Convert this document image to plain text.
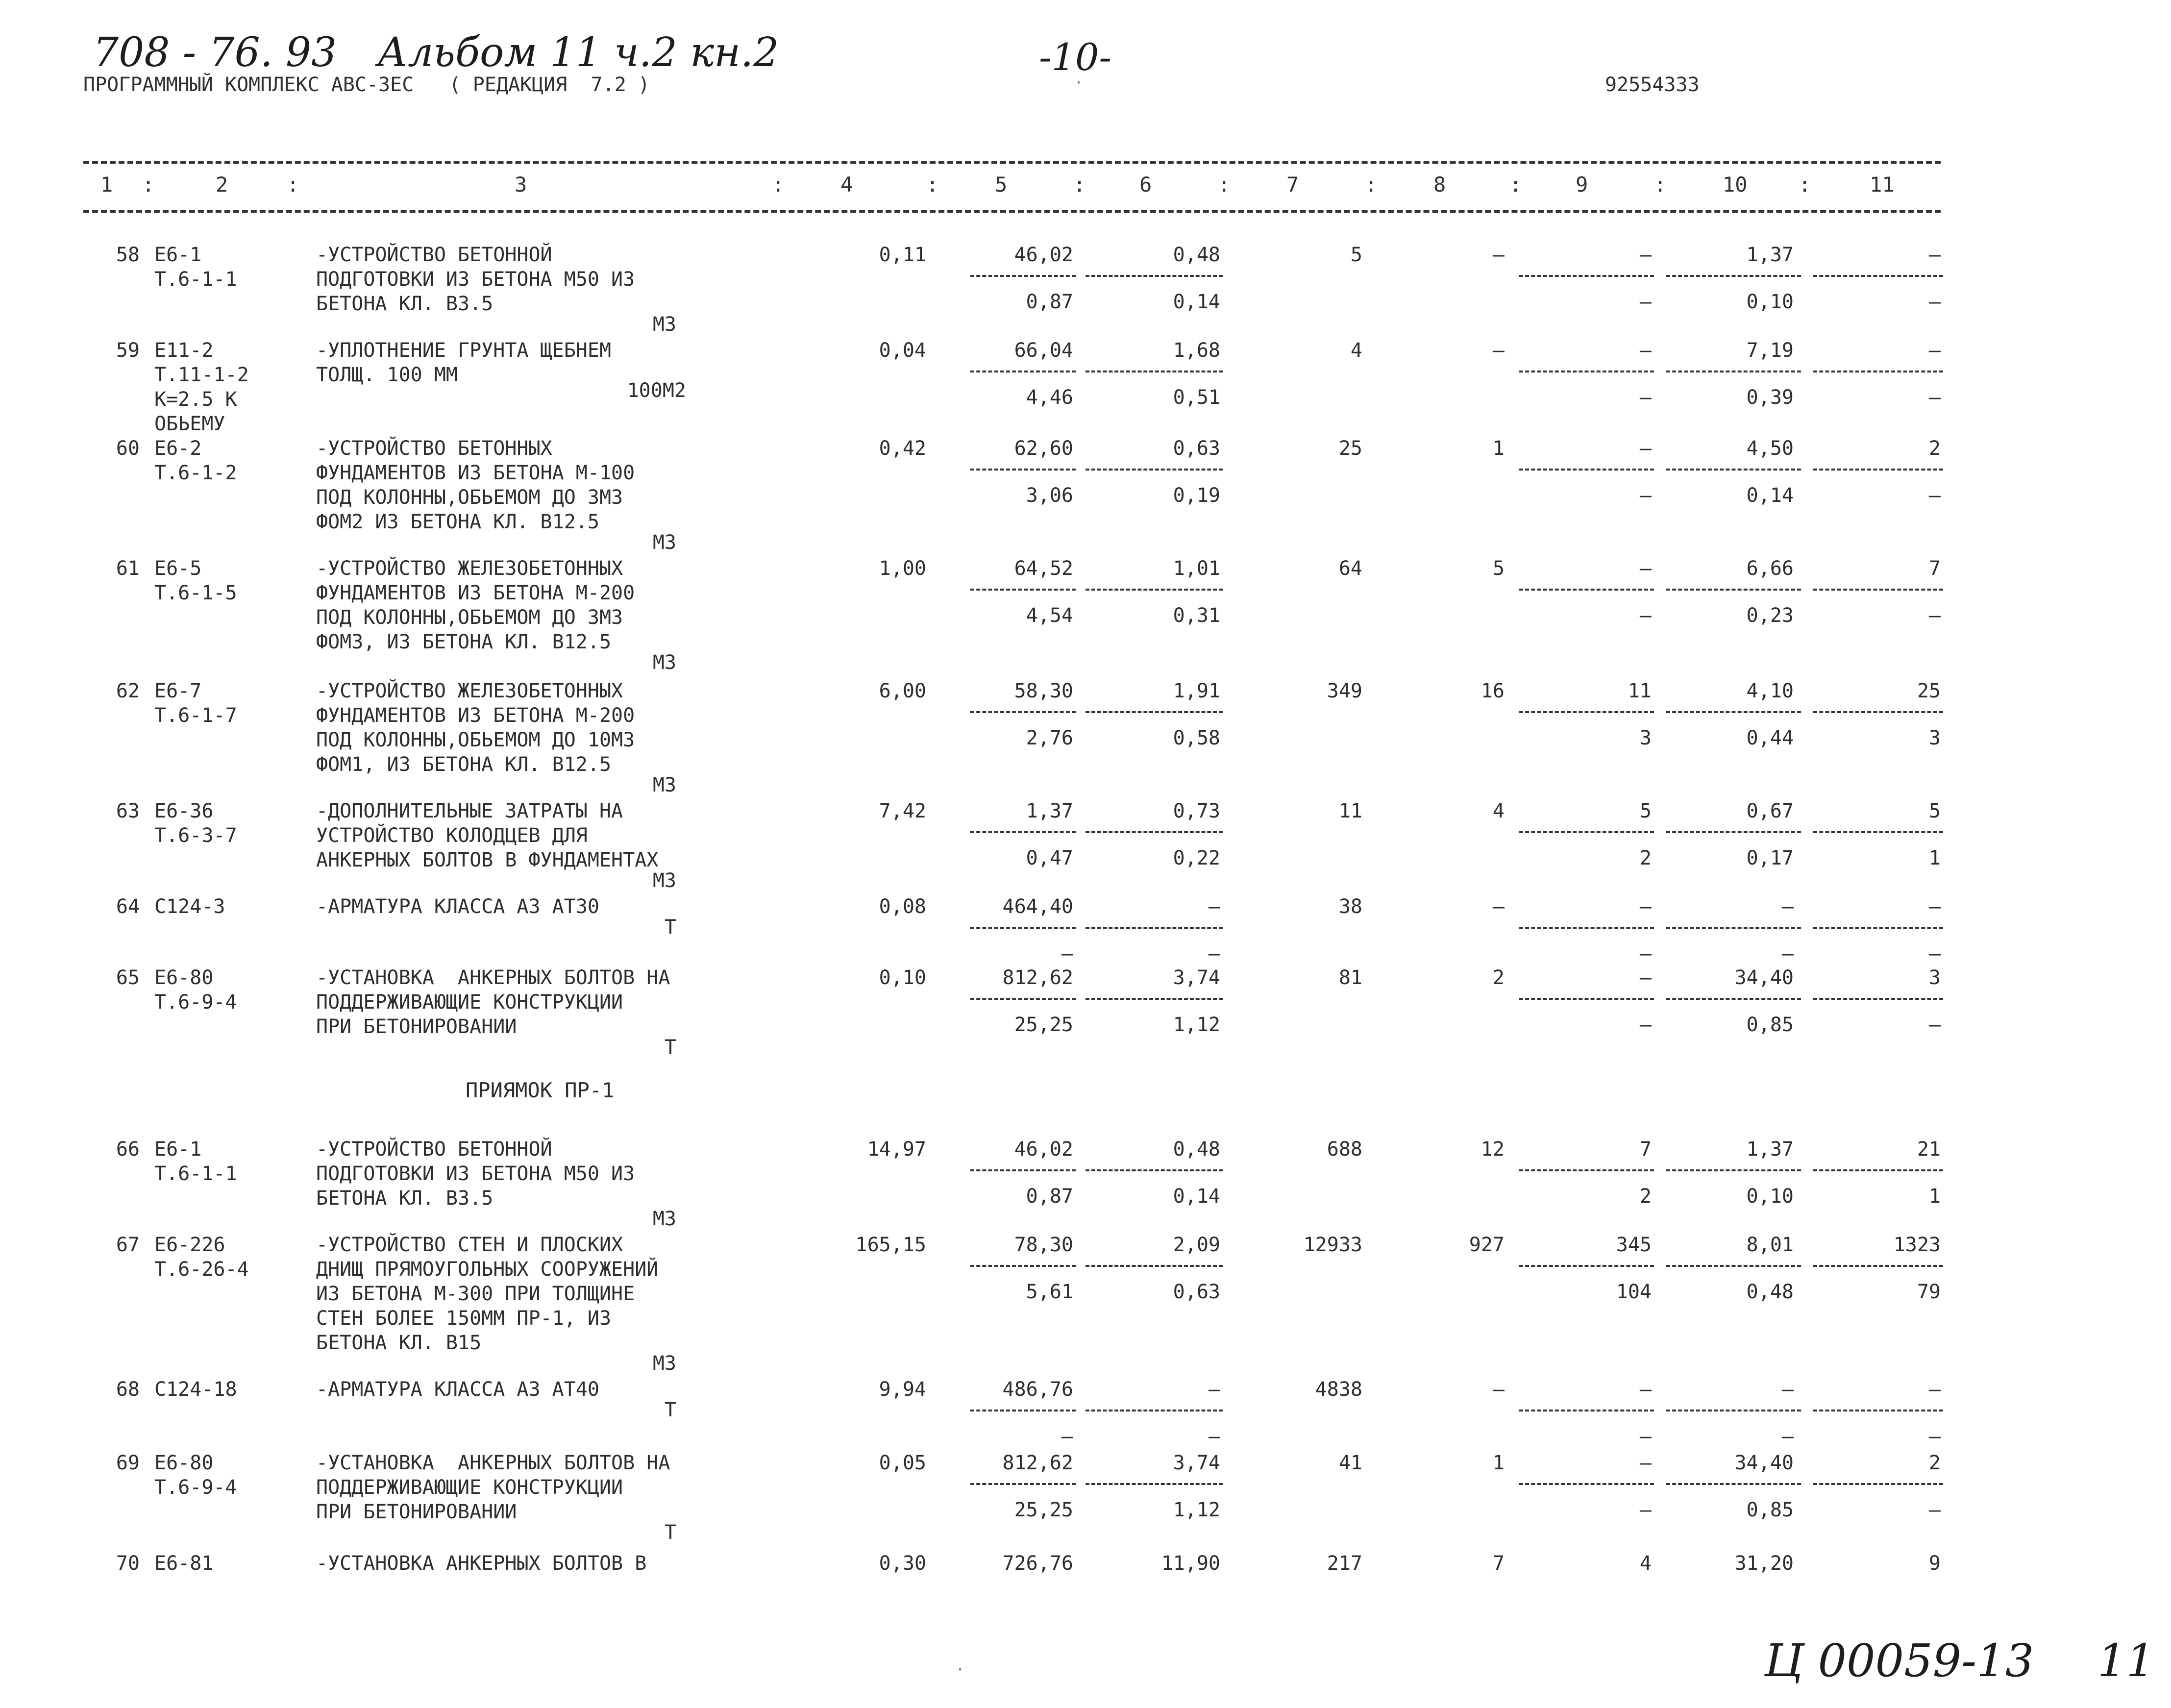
708 - 76. 93 Альбом 11 ч.2 кн.2	-10-
ПРОГРАММНЫЙ КОМПЛЕКС АВС-3ЕС   ( РЕДАКЦИЯ  7.2 )	92554333
1 :	2	:	3	:	4	:	5	:	6	:	7	:	8	:	9	:	10 :	11
58 Е6-1
Т.6-1-1
-УСТРОЙСТВО БЕТОННОЙ
ПОДГОТОВКИ ИЗ БЕТОНА М50 ИЗ
БЕТОНА КЛ. В3.5
М3
0,11	46,02	0,48	5	—	—	1,37	—
0,87	0,14	—	0,10	—
59 Е11-2
Т.11-1-2
К=2.5 К
ОБЬЕМУ
-УПЛОТНЕНИЕ ГРУНТА ЩЕБНЕМ
ТОЛЩ. 100 ММ
100М2
0,04	66,04	1,68	4	—	—	7,19	—
4,46	0,51	—	0,39	—
60 Е6-2
Т.6-1-2
-УСТРОЙСТВО БЕТОННЫХ
ФУНДАМЕНТОВ ИЗ БЕТОНА М-100
ПОД КОЛОННЫ,ОБЬЕМОМ ДО 3М3
ФОМ2 ИЗ БЕТОНА КЛ. В12.5
М3
0,42	62,60	0,63	25	1	—	4,50	2
3,06	0,19	—	0,14	—
61 Е6-5
Т.6-1-5
-УСТРОЙСТВО ЖЕЛЕЗОБЕТОННЫХ
ФУНДАМЕНТОВ ИЗ БЕТОНА М-200
ПОД КОЛОННЫ,ОБЬЕМОМ ДО 3М3
ФОМ3, ИЗ БЕТОНА КЛ. В12.5
М3
1,00	64,52	1,01	64	5	—	6,66	7
4,54	0,31	—	0,23	—
62 Е6-7
Т.6-1-7
-УСТРОЙСТВО ЖЕЛЕЗОБЕТОННЫХ
ФУНДАМЕНТОВ ИЗ БЕТОНА М-200
ПОД КОЛОННЫ,ОБЬЕМОМ ДО 10М3
ФОМ1, ИЗ БЕТОНА КЛ. В12.5
М3
6,00	58,30	1,91	349	16	11	4,10	25
2,76	0,58	3	0,44	3
63 Е6-36
Т.6-3-7
-ДОПОЛНИТЕЛЬНЫЕ ЗАТРАТЫ НА
УСТРОЙСТВО КОЛОДЦЕВ ДЛЯ
АНКЕРНЫХ БОЛТОВ В ФУНДАМЕНТАХ
М3
7,42	1,37	0,73	11	4	5	0,67	5
0,47	0,22	2	0,17	1
64 С124-3	-АРМАТУРА КЛАССА А3 АТ30
Т
0,08	464,40	—	38	—	—	—	—
—	—	—	—	—
65 Е6-80
Т.6-9-4
-УСТАНОВКА  АНКЕРНЫХ БОЛТОВ НА
ПОДДЕРЖИВАЮЩИЕ КОНСТРУКЦИИ
ПРИ БЕТОНИРОВАНИИ
Т
0,10	812,62	3,74	81	2	—	34,40	3
25,25	1,12	—	0,85	—
66 Е6-1
Т.6-1-1
-УСТРОЙСТВО БЕТОННОЙ
ПОДГОТОВКИ ИЗ БЕТОНА М50 ИЗ
БЕТОНА КЛ. В3.5
М3
14,97	46,02	0,48	688	12	7	1,37	21
0,87	0,14	2	0,10	1
67 Е6-226
Т.6-26-4
-УСТРОЙСТВО СТЕН И ПЛОСКИХ
ДНИЩ ПРЯМОУГОЛЬНЫХ СООРУЖЕНИЙ
ИЗ БЕТОНА М-300 ПРИ ТОЛЩИНЕ
СТЕН БОЛЕЕ 150ММ ПР-1, ИЗ
БЕТОНА КЛ. В15
М3
165,15	78,30	2,09	12933	927	345	8,01	1323
5,61	0,63	104	0,48	79
68 С124-18	-АРМАТУРА КЛАССА А3 АТ40
Т
9,94	486,76	—	4838	—	—	—	—
—	—	—	—	—
69 Е6-80
Т.6-9-4
-УСТАНОВКА  АНКЕРНЫХ БОЛТОВ НА
ПОДДЕРЖИВАЮЩИЕ КОНСТРУКЦИИ
ПРИ БЕТОНИРОВАНИИ
Т
0,05	812,62	3,74	41	1	—	34,40	2
25,25	1,12	—	0,85	—
70 Е6-81	-УСТАНОВКА АНКЕРНЫХ БОЛТОВ В	0,30	726,76	11,90	217	7	4	31,20	9
ПРИЯМОК ПР-1
·
·	Ц 00059-13 11
